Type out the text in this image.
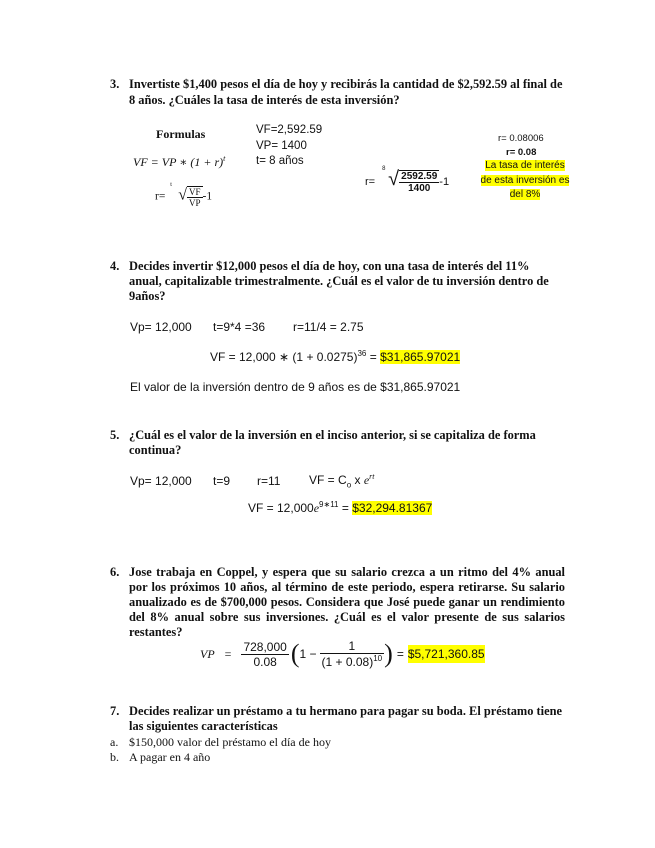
3. Invertiste $1,400 pesos el día de hoy y recibirás la cantidad de $2,592.59 al final de
8 años. ¿Cuáles la tasa de interés de esta inversión?
Formulas
VF = VP ∗ $(1 + r)^t$
r=
t
√ $\frac{VF}{VP} -1$
VF=2,592.59
VP= 1400
t= 8 años
r=
8 √ $\frac{2592.59}{1400} -1$
r= 0.08006
r= 0.08
La tasa de interés
de esta inversión es
del 8%
4. Decides invertir $12,000 pesos el día de hoy, con una tasa de interés del 11%
anual, capitalizable trimestralmente. ¿Cuál es el valor de tu inversión dentro de
9años?
Vp= 12,000 t=9*4 =36 r=11/4 = 2.75
VF = 12,000 ∗ $(1 + 0.0275)^{36}$ = $31,865.97021
El valor de la inversión dentro de 9 años es de $31,865.97021
5. ¿Cuál es el valor de la inversión en el inciso anterior, si se capitaliza de forma
continua?
Vp= 12,000 t=9 r=11 VF = $C_o$ x $e^{rt}$
VF = $12,000e^{9∗11}$ = $32,294.81367
6. Jose trabaja en Coppel, y espera que su salario crezca a un ritmo del 4% anual por los próximos 10 años, al término de este periodo, espera retirarse. Su salario anualizado es de $700,000 pesos. Considera que José puede ganar un rendimiento del 8% anual sobre sus inversiones. ¿Cuál es el valor presente de sus salarios restantes?
VP = $\frac{728,000}{0.08}$ ( $1 - \frac{1}{(1 + 0.08)^{10}}$ ) = $5,721,360.85
7. Decides realizar un préstamo a tu hermano para pagar su boda. El préstamo tiene
las siguientes características
a. $150,000 valor del préstamo el día de hoy
b. A pagar en 4 año
